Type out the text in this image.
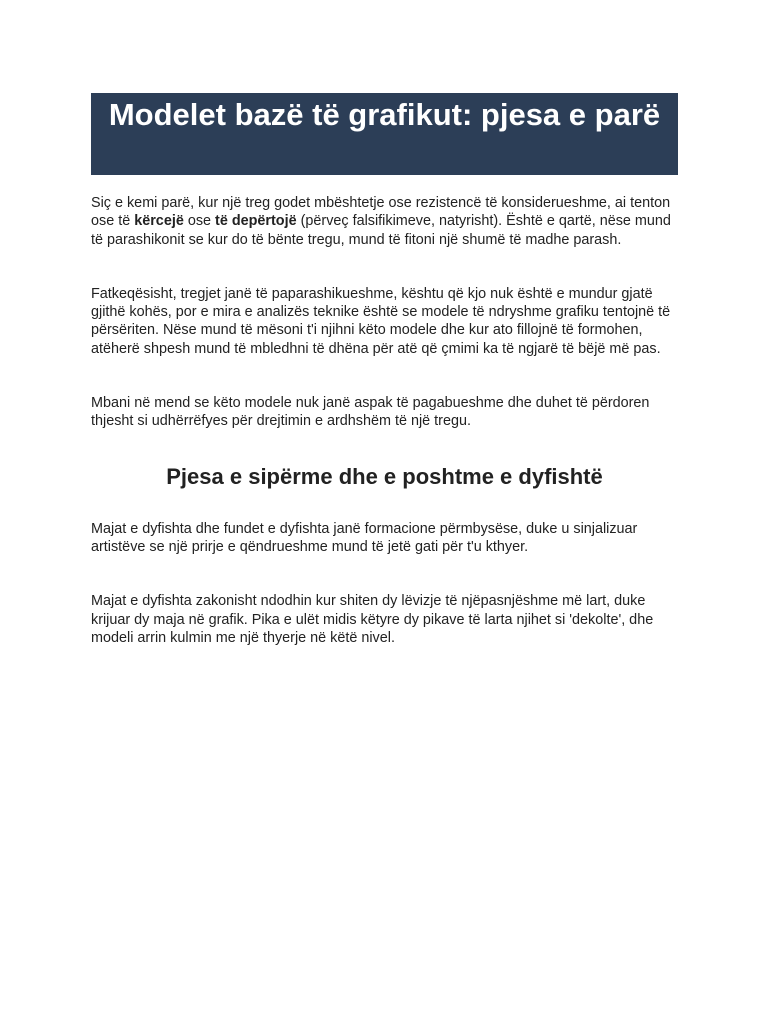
Modelet bazë të grafikut: pjesa e parë

Siç e kemi parë, kur një treg godet mbështetje ose rezistencë të konsiderueshme, ai tenton ose të kërcejë ose të depërtojë (përveç falsifikimeve, natyrisht). Është e qartë, nëse mund të parashikonit se kur do të bënte tregu, mund të fitoni një shumë të madhe parash.

Fatkeqësisht, tregjet janë të paparashikueshme, kështu që kjo nuk është e mundur gjatë gjithë kohës, por e mira e analizës teknike është se modele të ndryshme grafiku tentojnë të përsëriten. Nëse mund të mësoni t'i njihni këto modele dhe kur ato fillojnë të formohen, atëherë shpesh mund të mbledhni të dhëna për atë që çmimi ka të ngjarë të bëjë më pas.

Mbani në mend se këto modele nuk janë aspak të pagabueshme dhe duhet të përdoren thjesht si udhërrëfyes për drejtimin e ardhshëm të një tregu.

Pjesa e sipërme dhe e poshtme e dyfishtë

Majat e dyfishta dhe fundet e dyfishta janë formacione përmbysëse, duke u sinjalizuar artistëve se një prirje e qëndrueshme mund të jetë gati për t'u kthyer.

Majat e dyfishta zakonisht ndodhin kur shiten dy lëvizje të njëpasnjëshme më lart, duke krijuar dy maja në grafik. Pika e ulët midis këtyre dy pikave të larta njihet si 'dekolte', dhe modeli arrin kulmin me një thyerje në këtë nivel.
